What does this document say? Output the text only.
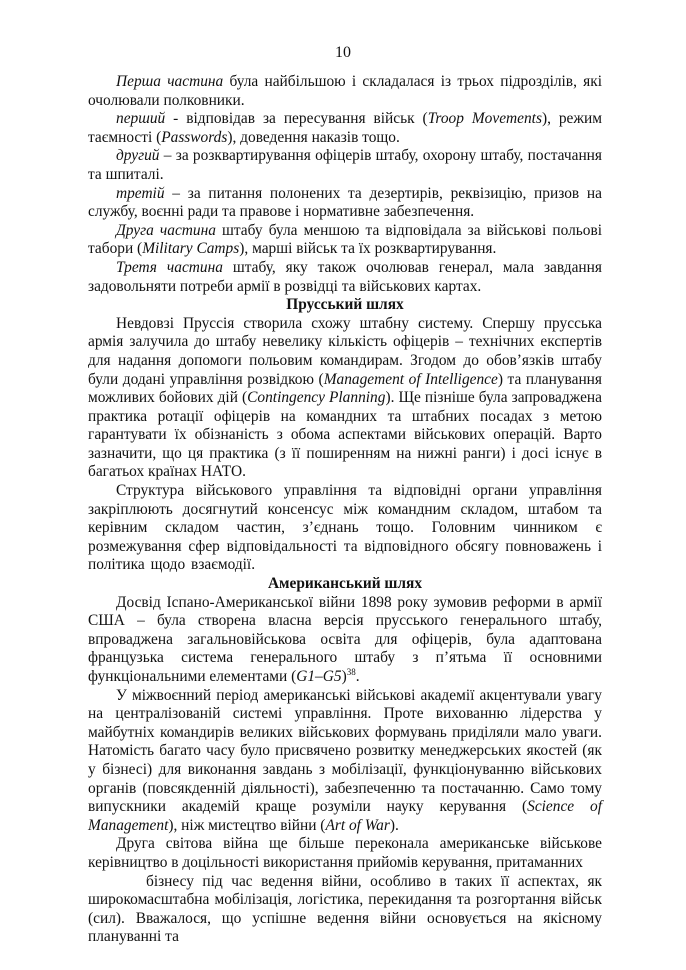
10

Перша частина була найбільшою і складалася із трьох підрозділів, які очолювали полковники.

перший - відповідав за пересування військ (Troop Movements), режим таємності (Passwords), доведення наказів тощо.

другий – за розквартирування офіцерів штабу, охорону штабу, постачання та шпиталі.

третій – за питання полонених та дезертирів, реквізицію, призов на службу, воєнні ради та правове і нормативне забезпечення.

Друга частина штабу була меншою та відповідала за військові польові табори (Military Camps), марші військ та їх розквартирування.

Третя частина штабу, яку також очолював генерал, мала завдання задовольняти потреби армії в розвідці та військових картах.

Прусський шлях

Невдовзі Пруссія створила схожу штабну систему. Спершу прусська армія залучила до штабу невелику кількість офіцерів – технічних експертів для надання допомоги польовим командирам. Згодом до обов’язків штабу були додані управління розвідкою (Management of Intelligence) та планування можливих бойових дій (Contingency Planning). Ще пізніше була запроваджена практика ротації офіцерів на командних та штабних посадах з метою гарантувати їх обізнаність з обома аспектами військових операцій. Варто зазначити, що ця практика (з її поширенням на нижні ранги) і досі існує в багатьох країнах НАТО.

Структура військового управління та відповідні органи управління закріплюють досягнутий консенсус між командним складом, штабом та керівним складом частин, з’єднань тощо. Головним чинником є розмежування сфер відповідальності та відповідного обсягу повноважень і політика щодо взаємодії.

Американський шлях

Досвід Іспано-Американської війни 1898 року зумовив реформи в армії США – була створена власна версія прусського генерального штабу, впроваджена загальновійськова освіта для офіцерів, була адаптована французька система генерального штабу з п’ятьма її основними функціональними елементами $(G1-G5)^{38}$.

У міжвоєнний період американські військові академії акцентували увагу на централізованій системі управління. Проте вихованню лідерства у майбутніх командирів великих військових формувань приділяли мало уваги. Натомість багато часу було присвячено розвитку менеджерських якостей (як у бізнесі) для виконання завдань з мобілізації, функціонуванню військових органів (повсякденній діяльності), забезпеченню та постачанню. Само тому випускники академій краще розуміли науку керування (Science of Management), ніж мистецтво війни (Art of War).

Друга світова війна ще більше переконала американське військове керівництво в доцільності використання прийомів керування, притаманних

бізнесу під час ведення війни, особливо в таких її аспектах, як широкомасштабна мобілізація, логістика, перекидання та розгортання військ (сил). Вважалося, що успішне ведення війни основується на якісному плануванні та
